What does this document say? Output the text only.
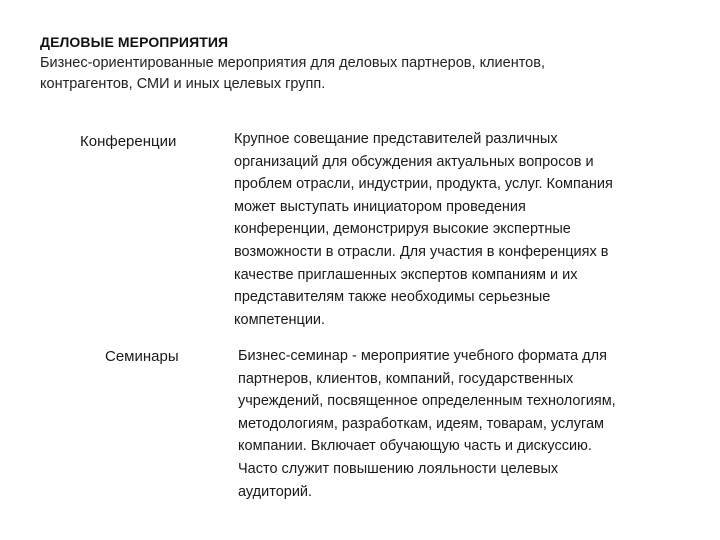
ДЕЛОВЫЕ МЕРОПРИЯТИЯ
Бизнес-ориентированные мероприятия для деловых партнеров, клиентов,
контрагентов, СМИ и иных целевых групп.
Конференции	Крупное совещание представителей различных
организаций для обсуждения актуальных вопросов и
проблем отрасли, индустрии, продукта, услуг. Компания
может выступать инициатором проведения
конференции, демонстрируя высокие экспертные
возможности в отрасли. Для участия в конференциях в
качестве приглашенных экспертов компаниям и их
представителям также необходимы серьезные
компетенции.
Семинары	Бизнес-семинар - мероприятие учебного формата для
партнеров, клиентов, компаний, государственных
учреждений, посвященное определенным технологиям,
методологиям, разработкам, идеям, товарам, услугам
компании. Включает обучающую часть и дискуссию.
Часто служит повышению лояльности целевых
аудиторий.
